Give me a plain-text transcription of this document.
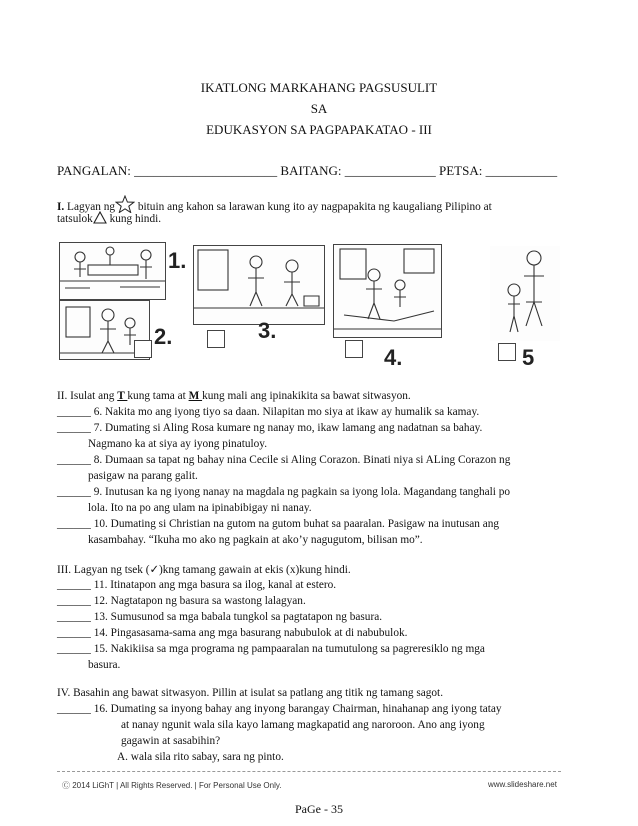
IKATLONG MARKAHANG PAGSUSULIT
SA
EDUKASYON SA PAGPAPAKATAO - III
PANGALAN: ______________________ BAITANG: ______________ PETSA: ___________
I. Lagyan ng bituin ang kahon sa larawan kung ito ay nagpapakita ng kaugaliang Pilipino at
tatsulok kung hindi.
1.
2.	3.
4.	5
II. Isulat ang T kung tama at M kung mali ang ipinakikita sa bawat sitwasyon.
______ 6. Nakita mo ang iyong tiyo sa daan. Nilapitan mo siya at ikaw ay humalik sa kamay.
______ 7. Dumating si Aling Rosa kumare ng nanay mo, ikaw lamang ang nadatnan sa bahay.
Nagmano ka at siya ay iyong pinatuloy.
______ 8. Dumaan sa tapat ng bahay nina Cecile si Aling Corazon. Binati niya si ALing Corazon ng
pasigaw na parang galit.
______ 9. Inutusan ka ng iyong nanay na magdala ng pagkain sa iyong lola. Magandang tanghali po
lola. Ito na po ang ulam na ipinabibigay ni nanay.
______ 10. Dumating si Christian na gutom na gutom buhat sa paaralan. Pasigaw na inutusan ang
kasambahay. “Ikuha mo ako ng pagkain at ako’y nagugutom, bilisan mo”.
III. Lagyan ng tsek (✓)kng tamang gawain at ekis (x)kung hindi.
______ 11. Itinatapon ang mga basura sa ilog, kanal at estero.
______ 12. Nagtatapon ng basura sa wastong lalagyan.
______ 13. Sumusunod sa mga babala tungkol sa pagtatapon ng basura.
______ 14. Pingasasama-sama ang mga basurang nabubulok at di nabubulok.
______ 15. Nakikiisa sa mga programa ng pampaaralan na tumutulong sa pagreresiklo ng mga
basura.
IV. Basahin ang bawat sitwasyon. Pillin at isulat sa patlang ang titik ng tamang sagot.
______ 16. Dumating sa inyong bahay ang inyong barangay Chairman, hinahanap ang iyong tatay
at nanay ngunit wala sila kayo lamang magkapatid ang naroroon. Ano ang iyong
gagawin at sasabihin?
A. wala sila rito sabay, sara ng pinto.
Ⓒ 2014 LiGhT | All Rights Reserved. | For Personal Use Only.	www.slideshare.net
PaGe - 35
